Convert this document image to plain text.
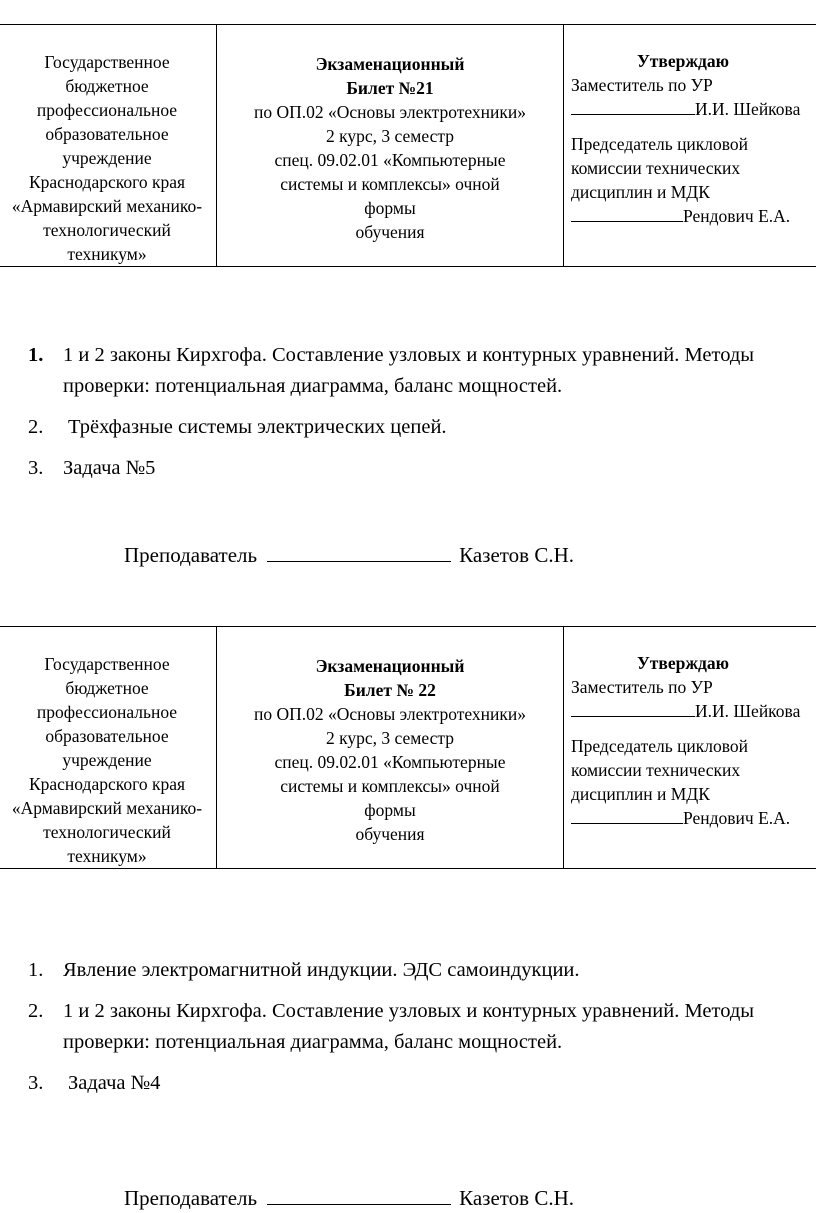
Государственное
бюджетное
профессиональное
образовательное
учреждение
Краснодарского края
«Армавирский механико-
технологический
техникум»

Экзаменационный
Билет №21
по ОП.02 «Основы электротехники»
2 курс, 3 семестр
спец. 09.02.01 «Компьютерные
системы и комплексы» очной
формы
обучения

Утверждаю
Заместитель по УР
И.И. Шейкова
Председатель цикловой
комиссии технических
дисциплин и МДК
Рендович Е.А.
1. 1 и 2 законы Кирхгофа. Составление узловых и контурных уравнений. Методы проверки: потенциальная диаграмма, баланс мощностей.
2. Трёхфазные системы электрических цепей.
3. Задача №5
Преподаватель	Казетов С.Н.
Государственное
бюджетное
профессиональное
образовательное
учреждение
Краснодарского края
«Армавирский механико-
технологический
техникум»

Экзаменационный
Билет № 22
по ОП.02 «Основы электротехники»
2 курс, 3 семестр
спец. 09.02.01 «Компьютерные
системы и комплексы» очной
формы
обучения

Утверждаю
Заместитель по УР
И.И. Шейкова
Председатель цикловой
комиссии технических
дисциплин и МДК
Рендович Е.А.
1. Явление электромагнитной индукции. ЭДС самоиндукции.
2. 1 и 2 законы Кирхгофа. Составление узловых и контурных уравнений. Методы проверки: потенциальная диаграмма, баланс мощностей.
3. Задача №4
Преподаватель	Казетов С.Н.
